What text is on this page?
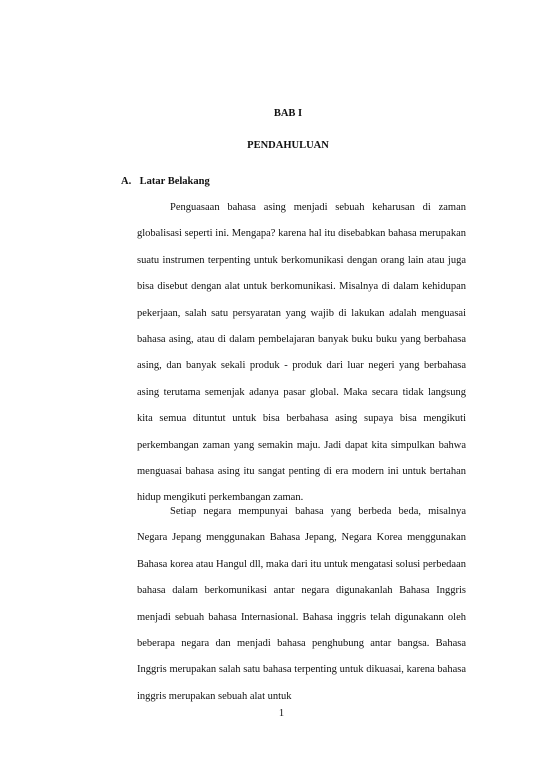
BAB I

PENDAHULUAN

A. Latar Belakang

Penguasaan bahasa asing menjadi sebuah keharusan di zaman globalisasi seperti ini. Mengapa? karena hal itu disebabkan bahasa merupakan suatu instrumen terpenting untuk berkomunikasi dengan orang lain atau juga bisa disebut dengan alat untuk berkomunikasi. Misalnya di dalam kehidupan pekerjaan, salah satu persyaratan yang wajib di lakukan adalah menguasai bahasa asing, atau di dalam pembelajaran banyak buku buku yang berbahasa asing, dan banyak sekali produk - produk dari luar negeri yang berbahasa asing terutama semenjak adanya pasar global. Maka secara tidak langsung kita semua dituntut untuk bisa berbahasa asing supaya bisa mengikuti perkembangan zaman yang semakin maju. Jadi dapat kita simpulkan bahwa menguasai bahasa asing itu sangat penting di era modern ini untuk bertahan hidup mengikuti perkembangan zaman.

Setiap negara mempunyai bahasa yang berbeda beda, misalnya Negara Jepang menggunakan Bahasa Jepang, Negara Korea menggunakan Bahasa korea atau Hangul dll, maka dari itu untuk mengatasi solusi perbedaan bahasa dalam berkomunikasi antar negara digunakanlah Bahasa Inggris menjadi sebuah bahasa Internasional. Bahasa inggris telah digunakann oleh beberapa negara dan menjadi bahasa penghubung antar bangsa. Bahasa Inggris merupakan salah satu bahasa terpenting untuk dikuasai, karena bahasa inggris merupakan sebuah alat untuk

1
